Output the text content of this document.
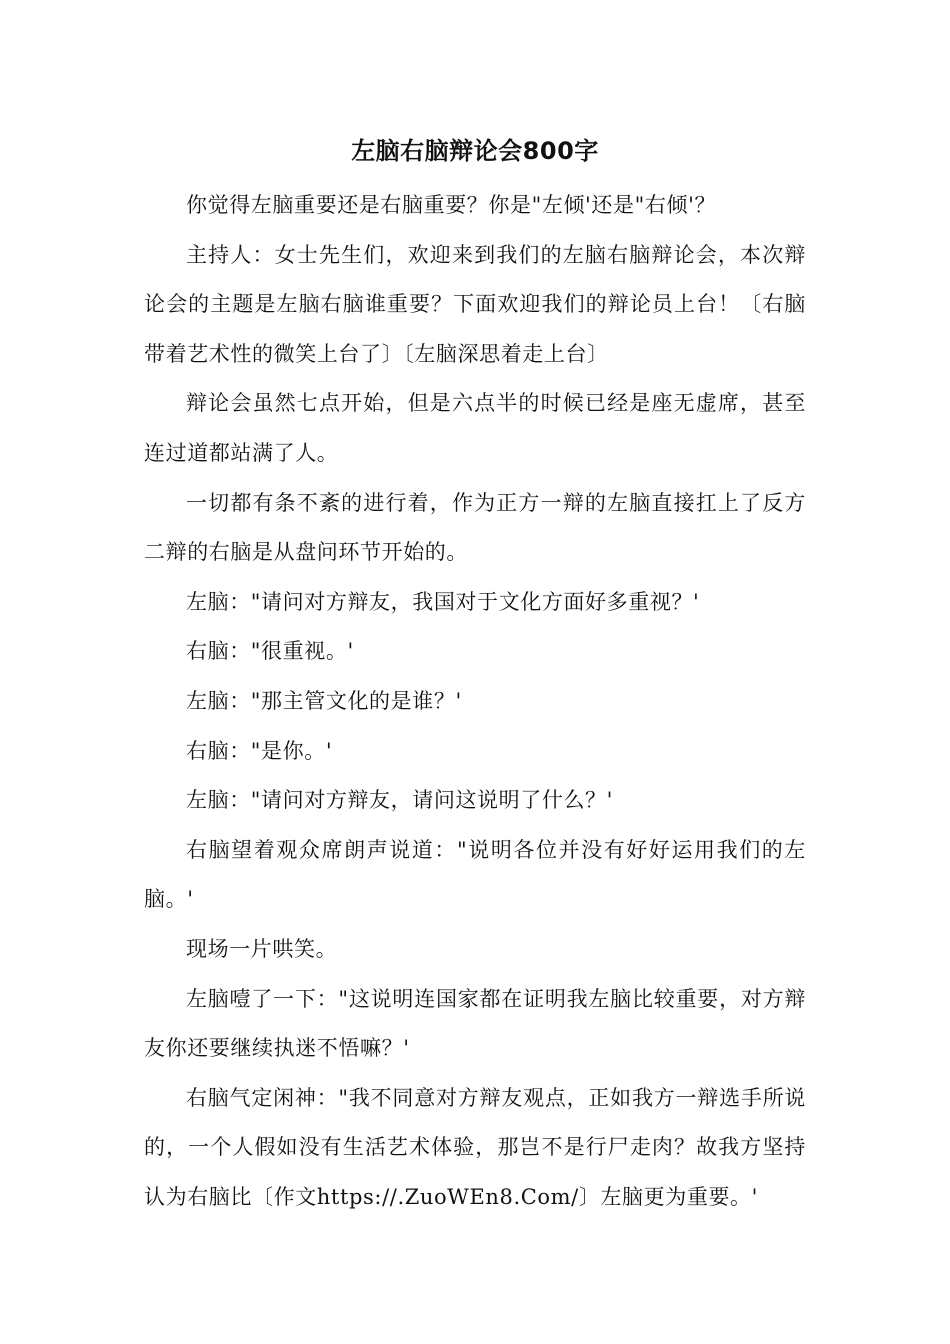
左脑右脑辩论会800字

你觉得左脑重要还是右脑重要？你是"左倾'还是"右倾'？

主持人：女士先生们，欢迎来到我们的左脑右脑辩论会，本次辩论会的主题是左脑右脑谁重要？下面欢迎我们的辩论员上台！〔右脑带着艺术性的微笑上台了〕〔左脑深思着走上台〕

辩论会虽然七点开始，但是六点半的时候已经是座无虚席，甚至连过道都站满了人。

一切都有条不紊的进行着，作为正方一辩的左脑直接扛上了反方二辩的右脑是从盘问环节开始的。

左脑："请问对方辩友，我国对于文化方面好多重视？'

右脑："很重视。'

左脑："那主管文化的是谁？'

右脑："是你。'

左脑："请问对方辩友，请问这说明了什么？'

右脑望着观众席朗声说道："说明各位并没有好好运用我们的左脑。'

现场一片哄笑。

左脑噎了一下："这说明连国家都在证明我左脑比较重要，对方辩友你还要继续执迷不悟嘛？'

右脑气定闲神："我不同意对方辩友观点，正如我方一辩选手所说的，一个人假如没有生活艺术体验，那岂不是行尸走肉？故我方坚持认为右脑比〔作文https://.ZuoWEn8.Com/〕左脑更为重要。'
